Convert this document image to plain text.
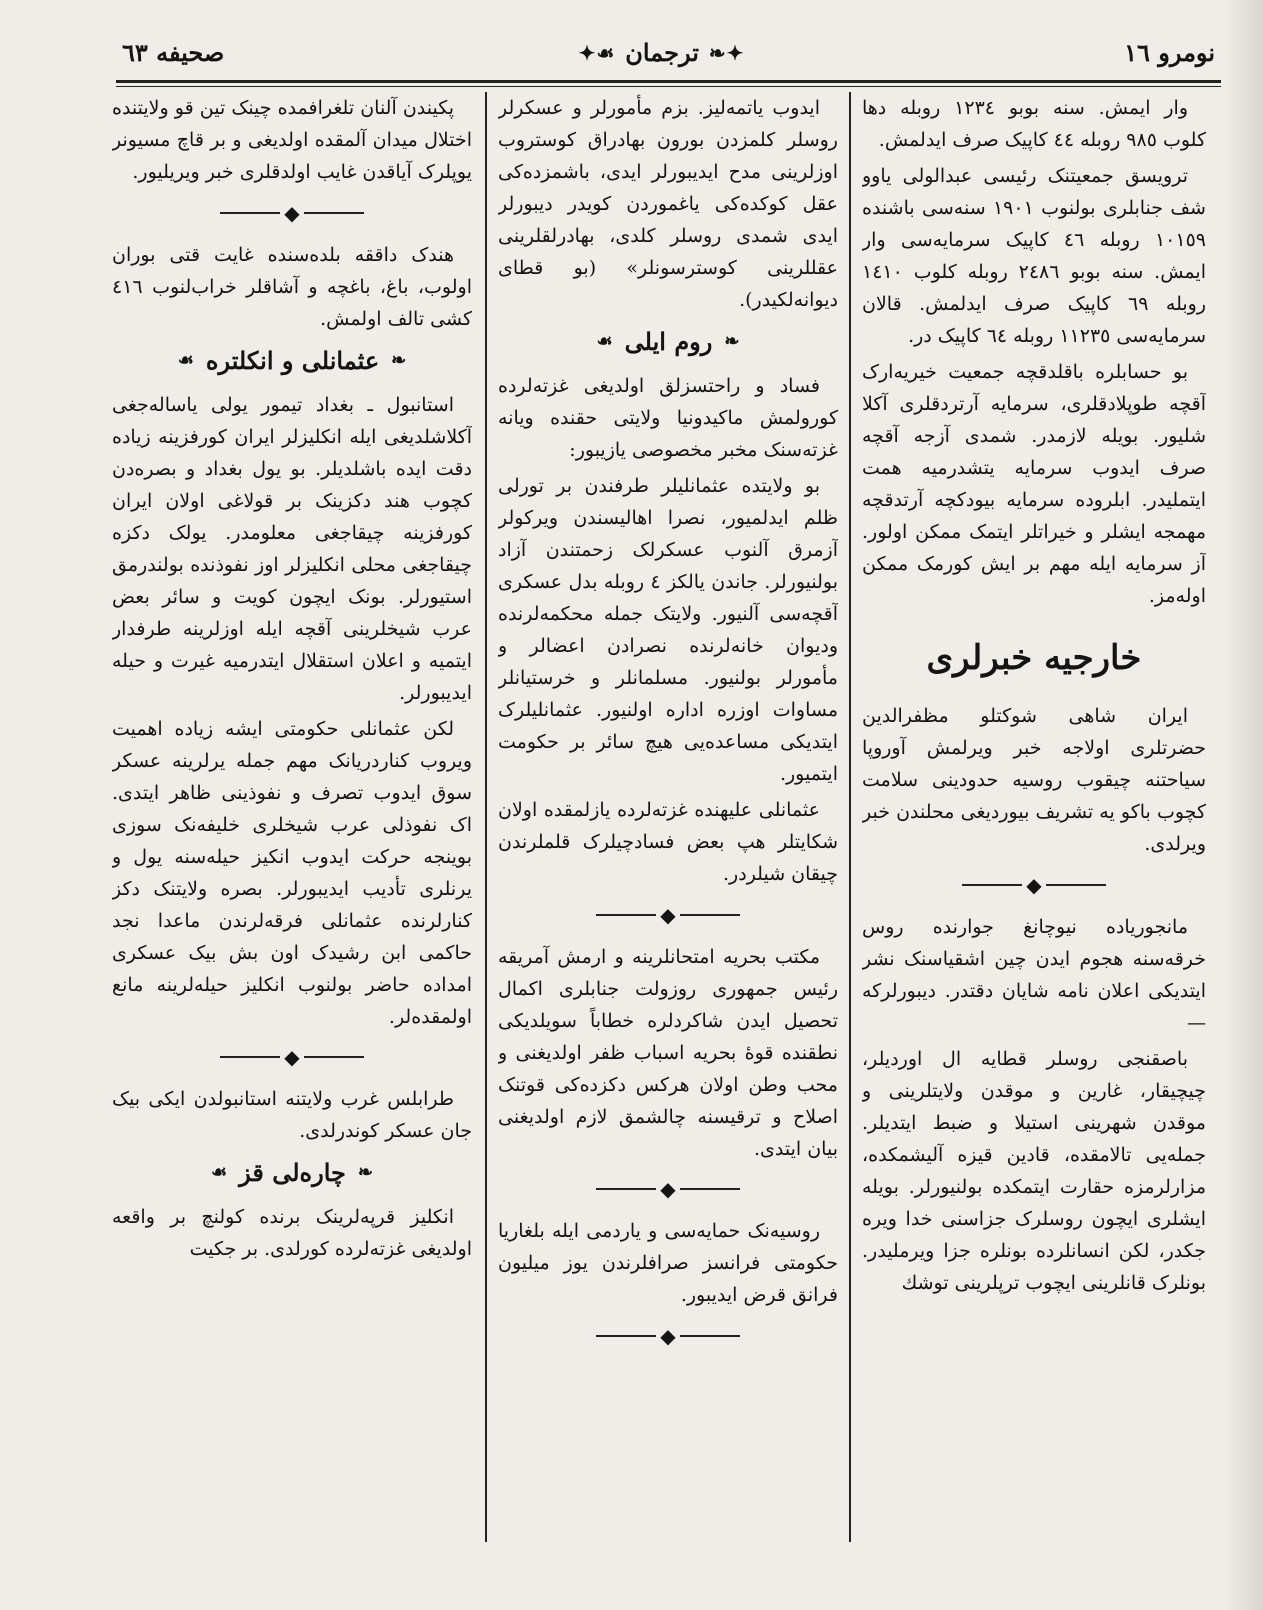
نومرو ١٦
❧✦
ترجمان
✦☙
صحیفه ٦٣

وار ایمش. سنه بوبو ١٢٣٤ روبله دها کلوب ٩٨٥ روبله ٤٤ کاپیک صرف ایدلمش.

ترویسق جمعیتنک رئیسی عبدالولی یاوو شف جنابلری بولنوب ١٩٠١ سنه‌سی باشنده ١٠١٥٩ روبله ٤٦ کاپیک سرمایه‌سی وار ایمش. سنه بوبو ٢٤٨٦ روبله کلوب ١٤١٠ روبله ٦٩ کاپیک صرف ایدلمش. قالان سرمایه‌سی ١١٢٣٥ روبله ٦٤ کاپیک در.

بو حسابلره باقلدقچه جمعیت خیریه‌ارک آقچه طوپلادقلری، سرمایه آرتردقلری آکلا شلیور. بویله لازمدر. شمدی آزجه آقچه صرف ایدوب سرمایه یتشدرمیه همت ایتملیدر. ابلروده سرمایه بیودکچه آرتدقچه مهمجه ایشلر و خیراتلر ایتمک ممکن اولور. آز سرمایه ایله مهم بر ایش کورمک ممکن اوله‌مز.

خارجیه خبرلری

ایران شاهی شوکتلو مظفرالدین حضرتلری اولاجه خبر ویرلمش آوروپا سیاحتنه چیقوب روسیه حدودینی سلامت کچوب باکو یه تشریف بیوردیغی محلندن خبر ویرلدی.

◆

مانجوریاده نیوچانغ جوارنده روس خرقه‌سنه هجوم ایدن چین اشقیاسنک نشر ایتدیکی اعلان نامه شایان دقتدر. دیبورلرکه —

باصقنجی روسلر قطایه ال اوردیلر، چیچیقار، غارین و موقدن ولایتلرینی و موقدن شهرینی استیلا و ضبط ایتدیلر. جمله‌یی تالامقده، قادین قیزه آلیشمکده، مزارلرمزه حقارت ایتمکده بولنیورلر. بویله ایشلری ایچون روسلرک جزاسنی خدا ویره جکدر، لکن انسانلرده بونلره جزا ویرملیدر. بونلرک قانلرینی ایچوب ترپلرینی توشك

ایدوب یاتمه‌لیز. بزم مأمورلر و عسکرلر روسلر کلمزدن بورون بهادراق کوستروب اوزلرینی مدح ایدیبورلر ایدی، باشمزده‌کی عقل کوکده‌کی یاغموردن کویدر دیبورلر ایدی شمدی روسلر کلدی، بهادرلقلرینی عقللرینی کوسترسونلر» (بو قطای دیوانه‌لکیدر).

❧
روم ایلی
☙

فساد و راحتسزلق اولدیغی غزته‌لرده کورولمش ماکیدونیا ولایتی حقنده ویانه غزته‌سنک مخبر مخصوصی یازیبور:

بو ولایتده عثمانلیلر طرفندن بر تورلی ظلم ایدلمیور، نصرا اهالیسندن ویرکولر آزمرق آلنوب عسکرلک زحمتندن آزاد بولنیورلر. جاندن یالکز ٤ روبله بدل عسکری آقچه‌سی آلنیور. ولایتک جمله محکمه‌لرنده ودیوان خانه‌لرنده نصرادن اعضالر و مأمورلر بولنیور. مسلمانلر و خرستیانلر مساوات اوزره اداره اولنیور. عثمانلیلرک ایتدیکی مساعده‌یی هیچ سائر بر حکومت ایتمیور.

عثمانلی علیهنده غزته‌لرده یازلمقده اولان شکایتلر هپ بعض فسادچیلرک قلملرندن چیقان شیلردر.

◆

مکتب بحریه امتحانلرینه و ارمش آمریقه رئیس جمهوری روزولت جنابلری اکمال تحصیل ایدن شاکردلره خطاباً سویلدیکی نطقنده قوهٔ بحریه اسباب ظفر اولدیغنی و محب وطن اولان هرکس دکزده‌کی قوتنک اصلاح و ترقیسنه چالشمق لازم اولدیغنی بیان ایتدی.

◆

روسیه‌نک حمایه‌سی و یاردمی ایله بلغاریا حکومتی فرانسز صرافلرندن یوز میلیون فرانق قرض ایدیبور.

◆

پکیندن آلنان تلغرافمده چینک تین قو ولایتنده اختلال میدان آلمقده اولدیغی و بر قاچ مسیونر یوپلرک آیاقدن غایب اولدقلری خبر ویریلیور.

◆

هندک داققه بلده‌سنده غایت قتی بوران اولوب، باغ، باغچه و آشاقلر خراب‌لنوب ٤١٦ کشی تالف اولمش.

❧
عثمانلی و انکلتره
☙

استانبول ـ بغداد تیمور یولی یاساله‌جغی آکلاشلدیغی ایله انکلیزلر ایران کورفزینه زیاده دقت ایده باشلدیلر. بو یول بغداد و بصره‌دن کچوب هند دکزینک بر قولاغی اولان ایران کورفزینه چیقاجغی معلومدر. یولک دکزه چیقاجغی محلی انکلیزلر اوز نفوذنده بولندرمق استیورلر. بونک ایچون کویت و سائر بعض عرب شیخلرینی آقچه ایله اوزلرینه طرفدار ایتمیه و اعلان استقلال ایتدرمیه غیرت و حیله ایدیبورلر.

لکن عثمانلی حکومتی ایشه زیاده اهمیت ویروب کناردریانک مهم جمله یرلرینه عسکر سوق ایدوب تصرف و نفوذینی ظاهر ایتدی. اک نفوذلی عرب شیخلری خلیفه‌نک سوزی بوینجه حرکت ایدوب انکیز حیله‌سنه یول و یرنلری تأدیب ایدیبورلر. بصره ولایتنک دکز کنارلرنده عثمانلی فرقه‌لرندن ماعدا نجد حاکمی ابن رشیدک اون بش بیک عسکری امداده حاضر بولنوب انکلیز حیله‌لرینه مانع اولمقده‌لر.

◆

طرابلس غرب ولایتنه استانبولدن ایکی بیک جان عسکر کوندرلدی.

❧
چاره‌لی قز
☙

انکلیز قرپه‌لرینک برنده کولنچ بر واقعه اولدیغی غزته‌لرده کورلدی. بر جکیت
